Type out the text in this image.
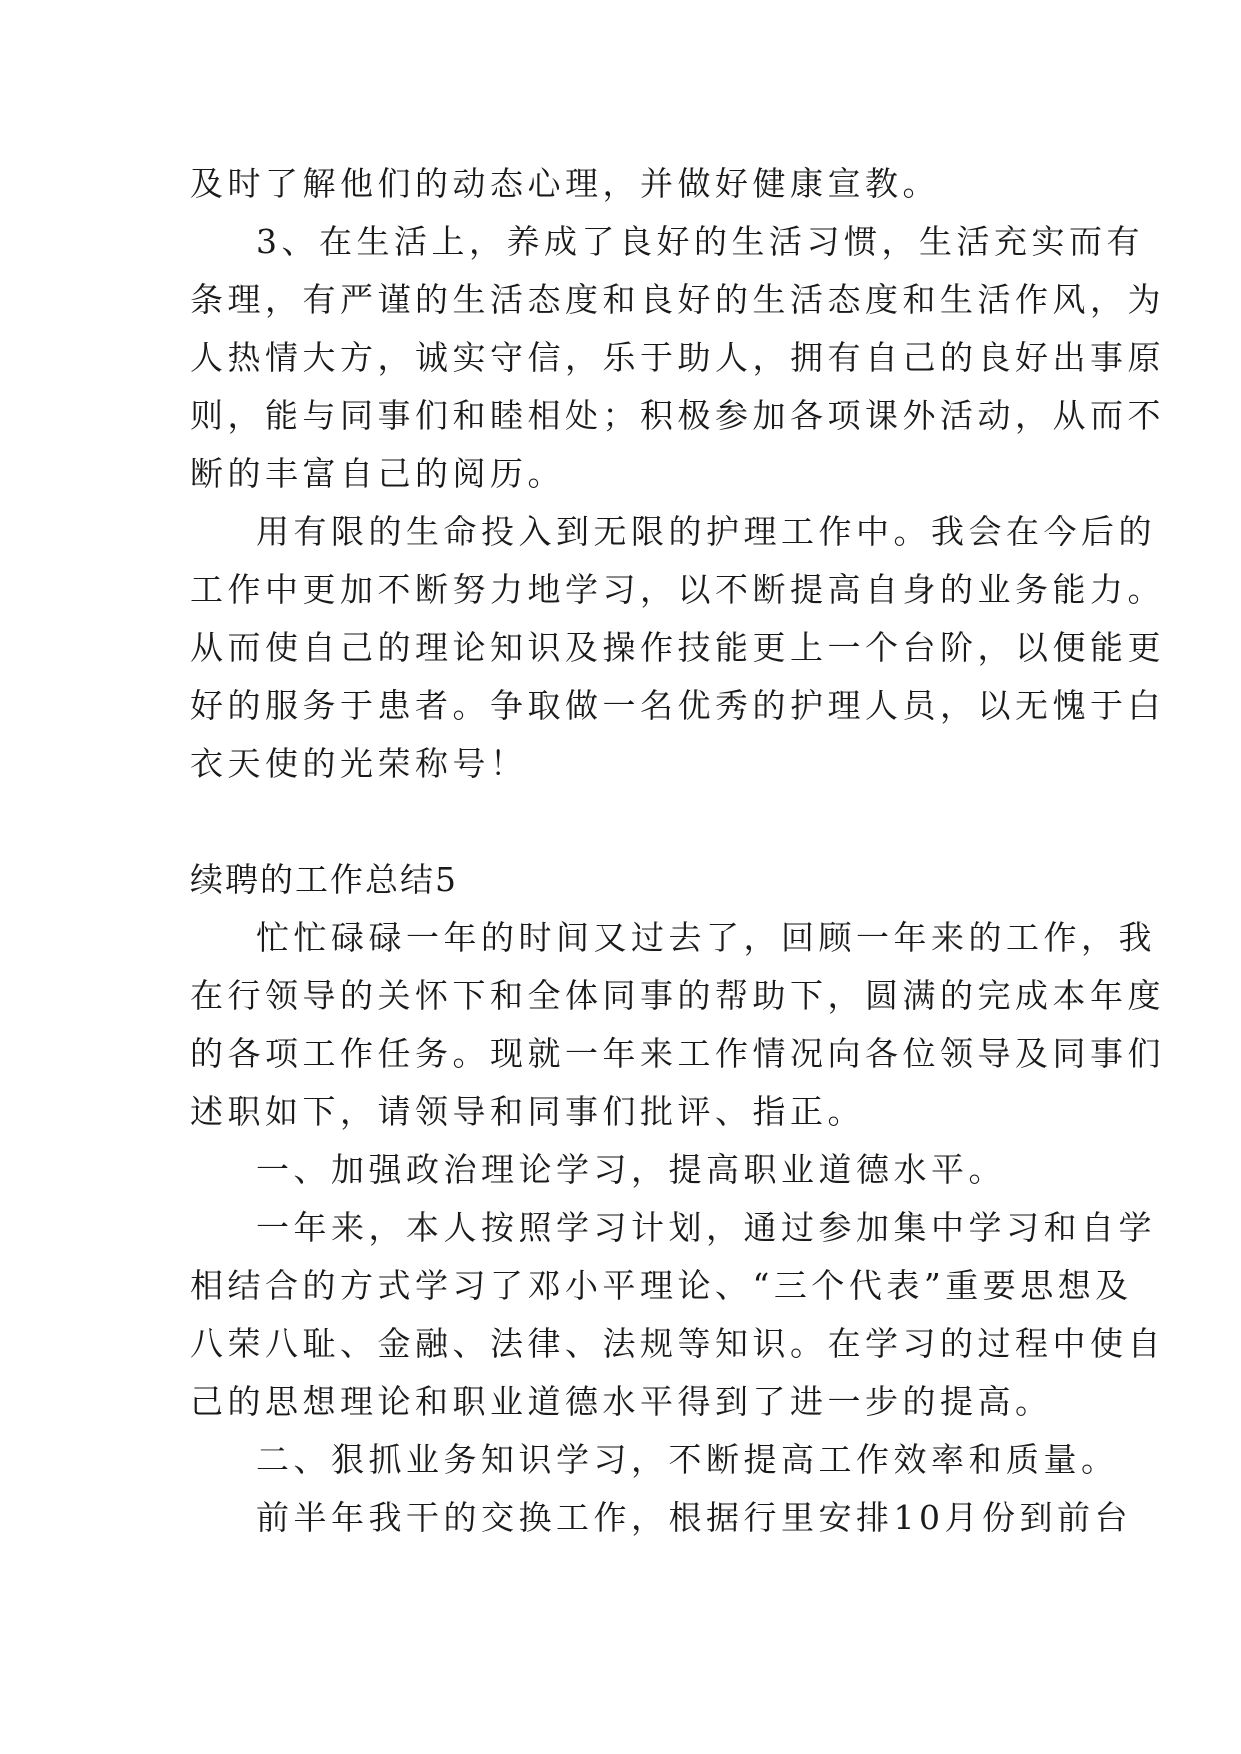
及时了解他们的动态心理，并做好健康宣教。
3、在生活上，养成了良好的生活习惯，生活充实而有
条理，有严谨的生活态度和良好的生活态度和生活作风，为
人热情大方，诚实守信，乐于助人，拥有自己的良好出事原
则，能与同事们和睦相处；积极参加各项课外活动，从而不
断的丰富自己的阅历。
用有限的生命投入到无限的护理工作中。我会在今后的
工作中更加不断努力地学习，以不断提高自身的业务能力。
从而使自己的理论知识及操作技能更上一个台阶，以便能更
好的服务于患者。争取做一名优秀的护理人员，以无愧于白
衣天使的光荣称号！
续聘的工作总结5
忙忙碌碌一年的时间又过去了，回顾一年来的工作，我
在行领导的关怀下和全体同事的帮助下，圆满的完成本年度
的各项工作任务。现就一年来工作情况向各位领导及同事们
述职如下，请领导和同事们批评、指正。
一、加强政治理论学习，提高职业道德水平。
一年来，本人按照学习计划，通过参加集中学习和自学
相结合的方式学习了邓小平理论、“三个代表”重要思想及
八荣八耻、金融、法律、法规等知识。在学习的过程中使自
己的思想理论和职业道德水平得到了进一步的提高。
二、狠抓业务知识学习，不断提高工作效率和质量。
前半年我干的交换工作，根据行里安排10月份到前台
